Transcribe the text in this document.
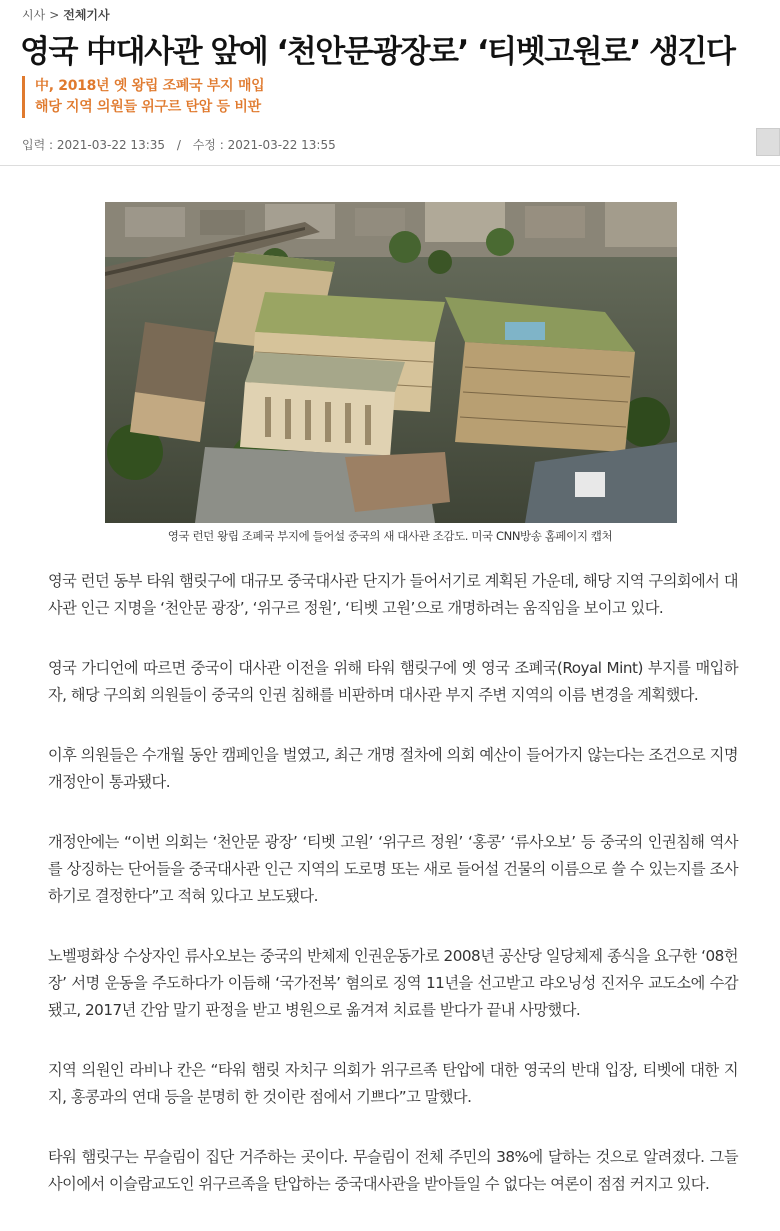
시사 > 전체기사
영국 中대사관 앞에 ‘천안문광장로’ ‘티벳고원로’ 생긴다
中, 2018년 옛 왕립 조폐국 부지 매입
해당 지역 의원들 위구르 탄압 등 비판
입력 : 2021-03-22 13:35 / 수정 : 2021-03-22 13:55
영국 런던 왕립 조폐국 부지에 들어설 중국의 새 대사관 조감도. 미국 CNN방송 홈페이지 캡처

영국 런던 동부 타워 햄릿구에 대규모 중국대사관 단지가 들어서기로 계획된 가운데, 해당 지역 구의회에서 대사관 인근 지명을 ‘천안문 광장’, ‘위구르 정원’, ‘티벳 고원’으로 개명하려는 움직임을 보이고 있다.

영국 가디언에 따르면 중국이 대사관 이전을 위해 타워 햄릿구에 옛 영국 조폐국(Royal Mint) 부지를 매입하자, 해당 구의회 의원들이 중국의 인권 침해를 비판하며 대사관 부지 주변 지역의 이름 변경을 계획했다.

이후 의원들은 수개월 동안 캠페인을 벌였고, 최근 개명 절차에 의회 예산이 들어가지 않는다는 조건으로 지명 개정안이 통과됐다.

개정안에는 “이번 의회는 ‘천안문 광장’ ‘티벳 고원’ ‘위구르 정원’ ‘홍콩’ ‘류사오보’ 등 중국의 인권침해 역사를 상징하는 단어들을 중국대사관 인근 지역의 도로명 또는 새로 들어설 건물의 이름으로 쓸 수 있는지를 조사하기로 결정한다”고 적혀 있다고 보도됐다.

노벨평화상 수상자인 류사오보는 중국의 반체제 인권운동가로 2008년 공산당 일당체제 종식을 요구한 ‘08헌장’ 서명 운동을 주도하다가 이듬해 ‘국가전복’ 혐의로 징역 11년을 선고받고 랴오닝성 진저우 교도소에 수감됐고, 2017년 간암 말기 판정을 받고 병원으로 옮겨져 치료를 받다가 끝내 사망했다.

지역 의원인 라비나 칸은 “타워 햄릿 자치구 의회가 위구르족 탄압에 대한 영국의 반대 입장, 티벳에 대한 지지, 홍콩과의 연대 등을 분명히 한 것이란 점에서 기쁘다”고 말했다.

타워 햄릿구는 무슬림이 집단 거주하는 곳이다. 무슬림이 전체 주민의 38%에 달하는 것으로 알려졌다. 그들 사이에서 이슬람교도인 위구르족을 탄압하는 중국대사관을 받아들일 수 없다는 여론이 점점 커지고 있다.
